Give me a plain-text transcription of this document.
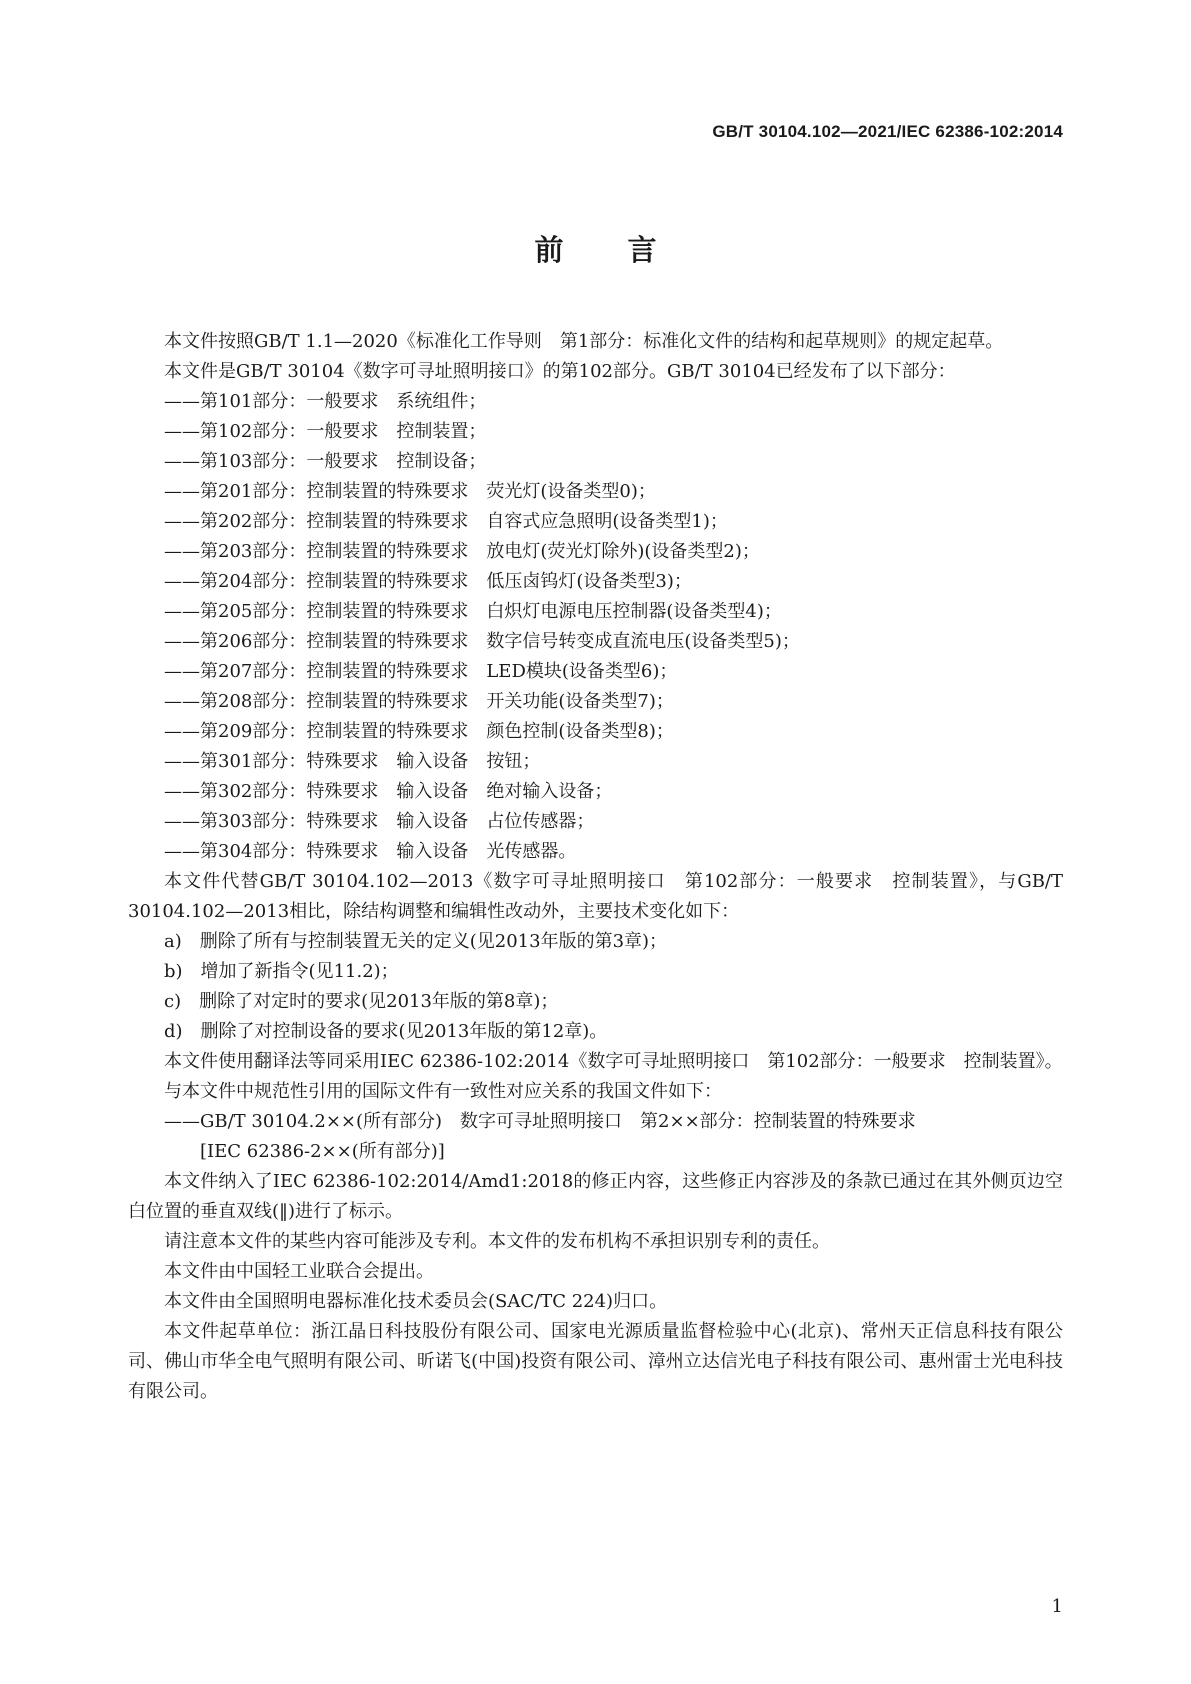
GB/T 30104.102—2021/IEC 62386-102:2014
前 言

本文件按照GB/T 1.1—2020《标准化工作导则　第1部分：标准化文件的结构和起草规则》的规定起草。

本文件是GB/T 30104《数字可寻址照明接口》的第102部分。GB/T 30104已经发布了以下部分：

——第101部分：一般要求　系统组件；

——第102部分：一般要求　控制装置；

——第103部分：一般要求　控制设备；

——第201部分：控制装置的特殊要求　荧光灯(设备类型0)；

——第202部分：控制装置的特殊要求　自容式应急照明(设备类型1)；

——第203部分：控制装置的特殊要求　放电灯(荧光灯除外)(设备类型2)；

——第204部分：控制装置的特殊要求　低压卤钨灯(设备类型3)；

——第205部分：控制装置的特殊要求　白炽灯电源电压控制器(设备类型4)；

——第206部分：控制装置的特殊要求　数字信号转变成直流电压(设备类型5)；

——第207部分：控制装置的特殊要求　LED模块(设备类型6)；

——第208部分：控制装置的特殊要求　开关功能(设备类型7)；

——第209部分：控制装置的特殊要求　颜色控制(设备类型8)；

——第301部分：特殊要求　输入设备　按钮；

——第302部分：特殊要求　输入设备　绝对输入设备；

——第303部分：特殊要求　输入设备　占位传感器；

——第304部分：特殊要求　输入设备　光传感器。

本文件代替GB/T 30104.102—2013《数字可寻址照明接口　第102部分：一般要求　控制装置》，与GB/T 30104.102—2013相比，除结构调整和编辑性改动外，主要技术变化如下：

a)　删除了所有与控制装置无关的定义(见2013年版的第3章)；

b)　增加了新指令(见11.2)；

c)　删除了对定时的要求(见2013年版的第8章)；

d)　删除了对控制设备的要求(见2013年版的第12章)。

本文件使用翻译法等同采用IEC 62386-102:2014《数字可寻址照明接口　第102部分：一般要求　控制装置》。

与本文件中规范性引用的国际文件有一致性对应关系的我国文件如下：

——GB/T 30104.2××(所有部分)　数字可寻址照明接口　第2××部分：控制装置的特殊要求

[IEC 62386-2××(所有部分)]

本文件纳入了IEC 62386-102:2014/Amd1:2018的修正内容，这些修正内容涉及的条款已通过在其外侧页边空白位置的垂直双线(‖)进行了标示。

请注意本文件的某些内容可能涉及专利。本文件的发布机构不承担识别专利的责任。

本文件由中国轻工业联合会提出。

本文件由全国照明电器标准化技术委员会(SAC/TC 224)归口。

本文件起草单位：浙江晶日科技股份有限公司、国家电光源质量监督检验中心(北京)、常州天正信息科技有限公司、佛山市华全电气照明有限公司、昕诺飞(中国)投资有限公司、漳州立达信光电子科技有限公司、惠州雷士光电科技有限公司。

1
